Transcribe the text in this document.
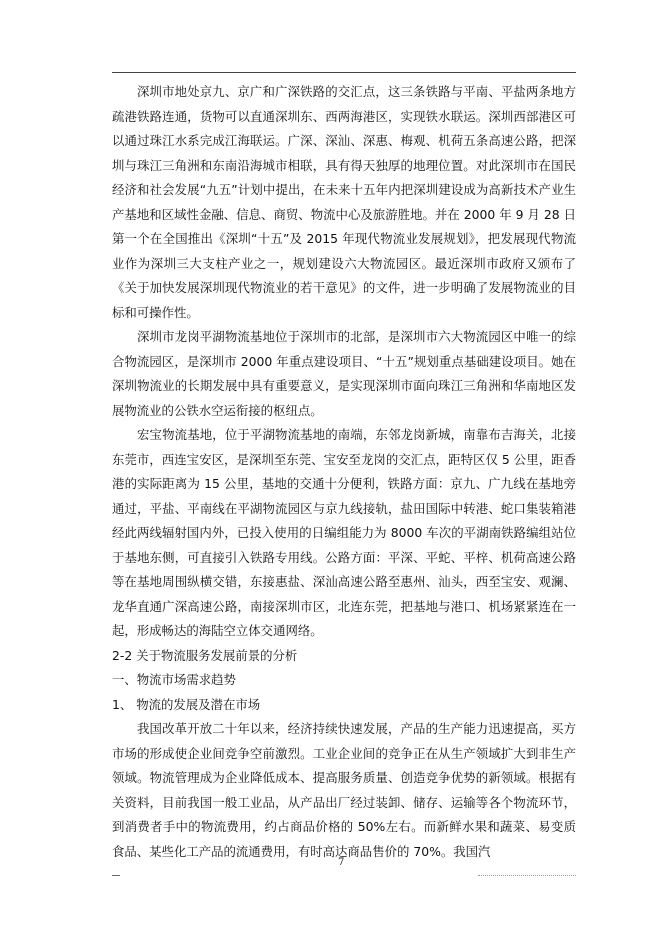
深圳市地处京九、京广和广深铁路的交汇点，这三条铁路与平南、平盐两条地方疏港铁路连通，货物可以直通深圳东、西两海港区，实现铁水联运。深圳西部港区可以通过珠江水系完成江海联运。广深、深汕、深惠、梅观、机荷五条高速公路，把深圳与珠江三角洲和东南沿海城市相联，具有得天独厚的地理位置。对此深圳市在国民经济和社会发展“九五”计划中提出，在未来十五年内把深圳建设成为高新技术产业生产基地和区域性金融、信息、商贸、物流中心及旅游胜地。并在 2000 年 9 月 28 日第一个在全国推出《深圳“十五”及 2015 年现代物流业发展规划》，把发展现代物流业作为深圳三大支柱产业之一，规划建设六大物流园区。最近深圳市政府又颁布了《关于加快发展深圳现代物流业的若干意见》的文件，进一步明确了发展物流业的目标和可操作性。

深圳市龙岗平湖物流基地位于深圳市的北部，是深圳市六大物流园区中唯一的综合物流园区，是深圳市 2000 年重点建设项目、“十五”规划重点基础建设项目。她在深圳物流业的长期发展中具有重要意义，是实现深圳市面向珠江三角洲和华南地区发展物流业的公铁水空运衔接的枢纽点。

宏宝物流基地，位于平湖物流基地的南端，东邻龙岗新城，南靠布吉海关，北接东莞市，西连宝安区，是深圳至东莞、宝安至龙岗的交汇点，距特区仅 5 公里，距香港的实际距离为 15 公里，基地的交通十分便利，铁路方面：京九、广九线在基地旁通过，平盐、平南线在平湖物流园区与京九线接轨，盐田国际中转港、蛇口集装箱港经此两线辐射国内外，已投入使用的日编组能力为 8000 车次的平湖南铁路编组站位于基地东侧，可直接引入铁路专用线。公路方面：平深、平蛇、平梓、机荷高速公路等在基地周围纵横交错，东接惠盐、深汕高速公路至惠州、汕头，西至宝安、观澜、龙华直通广深高速公路，南接深圳市区，北连东莞，把基地与港口、机场紧紧连在一起，形成畅达的海陆空立体交通网络。

2-2 关于物流服务发展前景的分析

一、物流市场需求趋势

1、 物流的发展及潜在市场

我国改革开放二十年以来，经济持续快速发展，产品的生产能力迅速提高，买方市场的形成使企业间竞争空前激烈。工业企业间的竞争正在从生产领域扩大到非生产领域。物流管理成为企业降低成本、提高服务质量、创造竞争优势的新领域。根据有关资料，目前我国一般工业品，从产品出厂经过装卸、储存、运输等各个物流环节，到消费者手中的物流费用，约占商品价格的 50%左右。而新鲜水果和蔬菜、易变质食品、某些化工产品的流通费用，有时高达商品售价的 70%。我国汽

7
